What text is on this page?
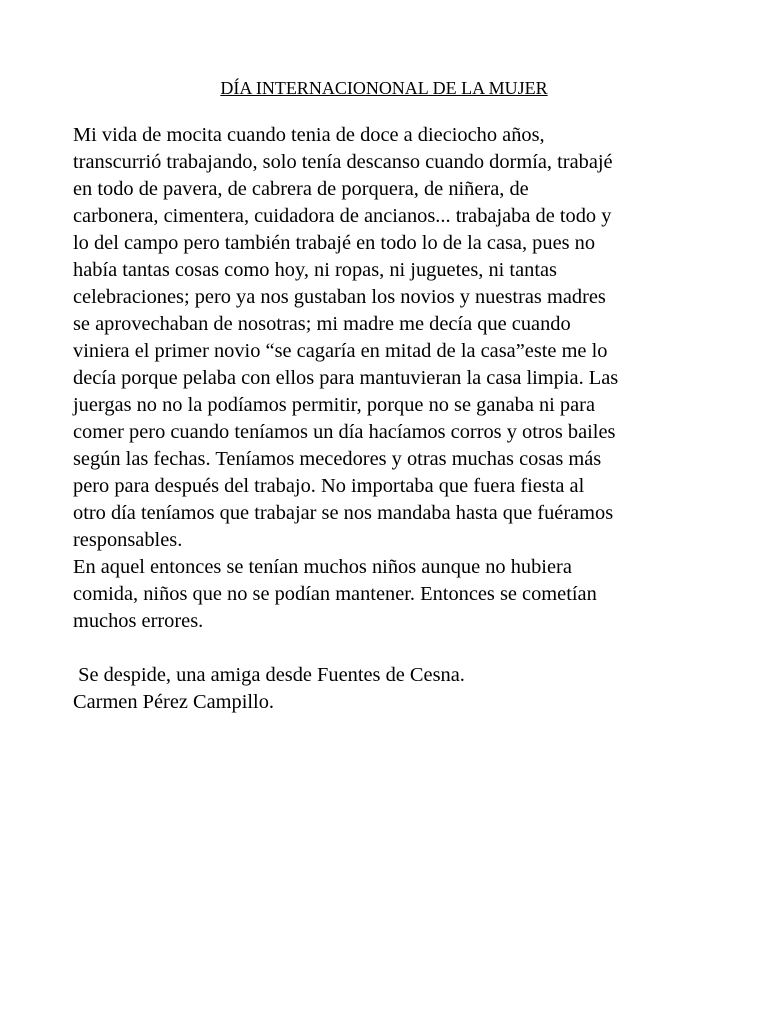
DÍA INTERNACIONONAL DE LA MUJER
Mi vida de mocita cuando tenia de doce a dieciocho años,
transcurrió trabajando, solo tenía descanso cuando dormía, trabajé
en todo de pavera, de cabrera de porquera, de niñera, de
carbonera, cimentera, cuidadora de ancianos... trabajaba de todo y
lo del campo pero también trabajé en todo lo de la casa, pues no
había tantas cosas como hoy, ni ropas, ni juguetes, ni tantas
celebraciones; pero ya nos gustaban los novios y nuestras madres
se aprovechaban de nosotras; mi madre me decía que cuando
viniera el primer novio “se cagaría en mitad de la casa”este me lo
decía porque pelaba con ellos para mantuvieran la casa limpia. Las
juergas no no la podíamos permitir, porque no se ganaba ni para
comer pero cuando teníamos un día hacíamos corros y otros bailes
según las fechas. Teníamos mecedores y otras muchas cosas más
pero para después del trabajo. No importaba que fuera fiesta al
otro día teníamos que trabajar se nos mandaba hasta que fuéramos
responsables.
En aquel entonces se tenían muchos niños aunque no hubiera
comida, niños que no se podían mantener. Entonces se cometían
muchos errores.
Se despide, una amiga desde Fuentes de Cesna.
Carmen Pérez Campillo.
